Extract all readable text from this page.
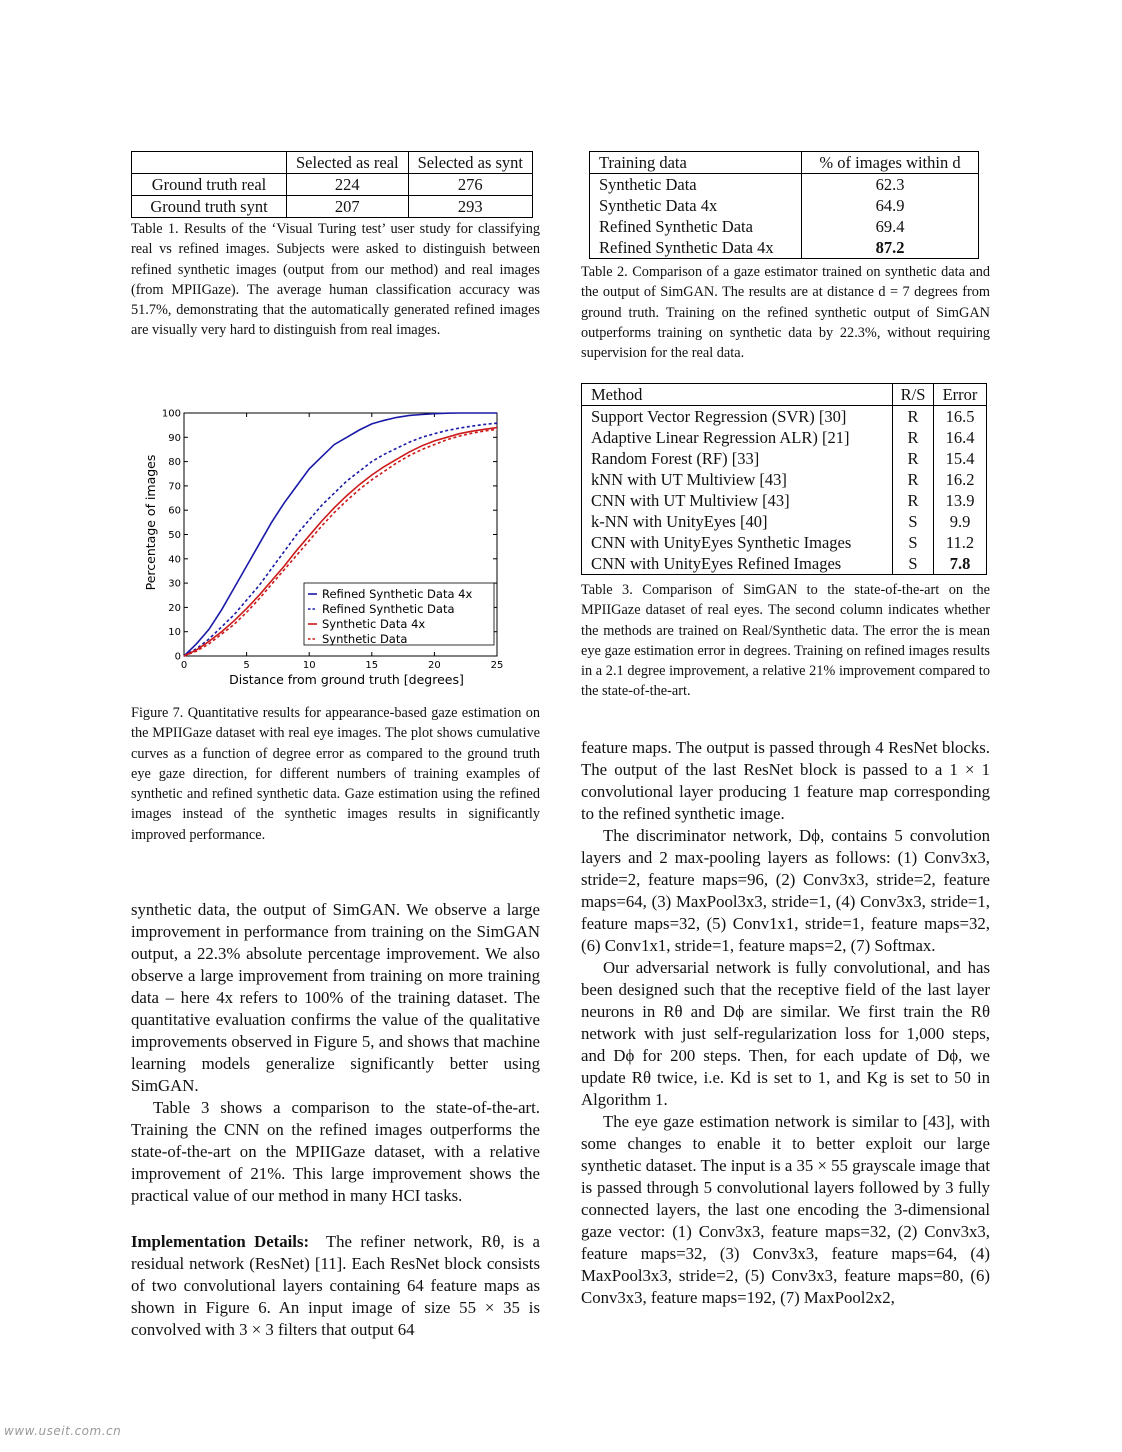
	Selected as real	Selected as synt
Ground truth real	224	276
Ground truth synt	207	293
Table 1. Results of the ‘Visual Turing test’ user study for classifying real vs refined images. Subjects were asked to distinguish between refined synthetic images (output from our method) and real images (from MPIIGaze). The average human classification accuracy was 51.7%, demonstrating that the automatically generated refined images are visually very hard to distinguish from real images.
0	5	10	15	20	25
0
10
20
30
40
50
60
70
80
90
100
Distance from ground truth [degrees]
Percentage of images
Refined Synthetic Data 4x
Refined Synthetic Data
Synthetic Data 4x
Synthetic Data
Figure 7. Quantitative results for appearance-based gaze estimation on the MPIIGaze dataset with real eye images. The plot shows cumulative curves as a function of degree error as compared to the ground truth eye gaze direction, for different numbers of training examples of synthetic and refined synthetic data. Gaze estimation using the refined images instead of the synthetic images results in significantly improved performance.

synthetic data, the output of SimGAN. We observe a large improvement in performance from training on the SimGAN output, a 22.3% absolute percentage improvement. We also observe a large improvement from training on more training data – here 4x refers to 100% of the training dataset. The quantitative evaluation confirms the value of the qualitative improvements observed in Figure 5, and shows that machine learning models generalize significantly better using SimGAN.

Table 3 shows a comparison to the state-of-the-art. Training the CNN on the refined images outperforms the state-of-the-art on the MPIIGaze dataset, with a relative improvement of 21%. This large improvement shows the practical value of our method in many HCI tasks.

Implementation Details: The refiner network, Rθ, is a residual network (ResNet) [11]. Each ResNet block consists of two convolutional layers containing 64 feature maps as shown in Figure 6. An input image of size 55 × 35 is convolved with 3 × 3 filters that output 64

Training data	% of images within d
Synthetic Data	62.3
Synthetic Data 4x	64.9
Refined Synthetic Data	69.4
Refined Synthetic Data 4x	87.2
Table 2. Comparison of a gaze estimator trained on synthetic data and the output of SimGAN. The results are at distance d = 7 degrees from ground truth. Training on the refined synthetic output of SimGAN outperforms training on synthetic data by 22.3%, without requiring supervision for the real data.
Method	R/S	Error
Support Vector Regression (SVR) [30]	R	16.5
Adaptive Linear Regression ALR) [21]	R	16.4
Random Forest (RF) [33]	R	15.4
kNN with UT Multiview [43]	R	16.2
CNN with UT Multiview [43]	R	13.9
k-NN with UnityEyes [40]	S	9.9
CNN with UnityEyes Synthetic Images	S	11.2
CNN with UnityEyes Refined Images	S	7.8
Table 3. Comparison of SimGAN to the state-of-the-art on the MPIIGaze dataset of real eyes. The second column indicates whether the methods are trained on Real/Synthetic data. The error the is mean eye gaze estimation error in degrees. Training on refined images results in a 2.1 degree improvement, a relative 21% improvement compared to the state-of-the-art.

feature maps. The output is passed through 4 ResNet blocks. The output of the last ResNet block is passed to a 1 × 1 convolutional layer producing 1 feature map corresponding to the refined synthetic image.

The discriminator network, Dϕ, contains 5 convolution layers and 2 max-pooling layers as follows: (1) Conv3x3, stride=2, feature maps=96, (2) Conv3x3, stride=2, feature maps=64, (3) MaxPool3x3, stride=1, (4) Conv3x3, stride=1, feature maps=32, (5) Conv1x1, stride=1, feature maps=32, (6) Conv1x1, stride=1, feature maps=2, (7) Softmax.

Our adversarial network is fully convolutional, and has been designed such that the receptive field of the last layer neurons in Rθ and Dϕ are similar. We first train the Rθ network with just self-regularization loss for 1,000 steps, and Dϕ for 200 steps. Then, for each update of Dϕ, we update Rθ twice, i.e. Kd is set to 1, and Kg is set to 50 in Algorithm 1.

The eye gaze estimation network is similar to [43], with some changes to enable it to better exploit our large synthetic dataset. The input is a 35 × 55 grayscale image that is passed through 5 convolutional layers followed by 3 fully connected layers, the last one encoding the 3-dimensional gaze vector: (1) Conv3x3, feature maps=32, (2) Conv3x3, feature maps=32, (3) Conv3x3, feature maps=64, (4) MaxPool3x3, stride=2, (5) Conv3x3, feature maps=80, (6) Conv3x3, feature maps=192, (7) MaxPool2x2,

www.useit.com.cn
